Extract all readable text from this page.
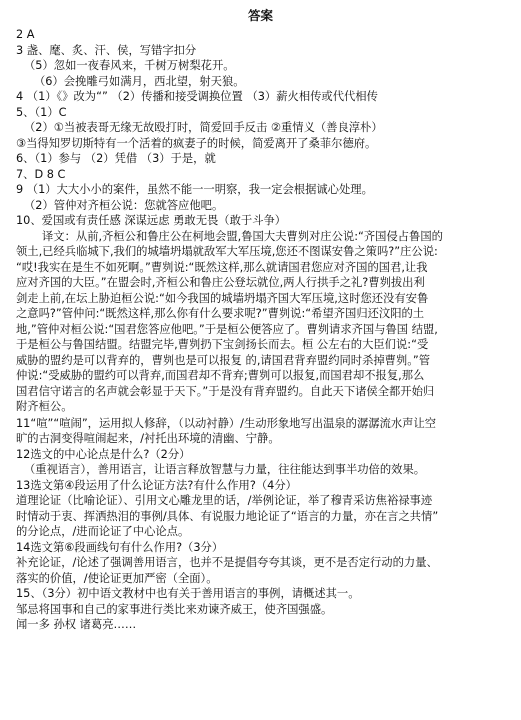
答案
2 A
3 盏、麾、炙、汗、侯，写错字扣分
（5）忽如一夜春风来，千树万树梨花开。
（6）会挽雕弓如满月，西北望，射天狼。
4 （1）《》改为“” （2）传播和接受调换位置 （3）薪火相传或代代相传
5、（1）C
（2）①当被表哥无缘无故殴打时，简爱回手反击 ②重情义（善良淳朴）
③当得知罗切斯特有一个活着的疯妻子的时候，简爱离开了桑菲尔德府。
6、（1）参与 （2）凭借 （3）于是，就
7、D 8 C
9 （1）大大小小的案件，虽然不能一一明察，我一定会根据诚心处理。
（2）管仲对齐桓公说：您就答应他吧。
10、爱国或有责任感 深谋远虑 勇敢无畏（敢于斗争）
译文：从前,齐桓公和鲁庄公在柯地会盟,鲁国大夫曹刿对庄公说:“齐国侵占鲁国的
领土,已经兵临城下,我们的城墙坍塌就敌军大军压境,您还不图谋安鲁之策吗?”庄公说:
“哎!我实在是生不如死啊。”曹刿说:“既然这样,那么就请国君您应对齐国的国君,让我
应对齐国的大臣。”在盟会时,齐桓公和鲁庄公登坛就位,两人行拱手之礼?曹刿拔出利
剑走上前,在坛上胁迫桓公说:“如今我国的城墙坍塌齐国大军压境,这时您还没有安鲁
之意吗?”管仲问:“既然这样,那么你有什么要求呢?”曹刿说:“希望齐国归还汶阳的土
地,”管仲对桓公说:“国君您答应他吧。”于是桓公便答应了。曹刿请求齐国与鲁国 结盟,
于是桓公与鲁国结盟。结盟完毕,曹刿扔下宝剑扬长而去。桓 公左右的大臣们说:“受
威胁的盟约是可以背弃的，曹刿也是可以报复 的,请国君背弃盟约同时杀掉曹刿。”管
仲说:“受威胁的盟约可以背弃,而国君却不背弃;曹刿可以报复,而国君却不报复,那么
国君信守诺言的名声就会彰显于天下。”于是没有背弃盟约。自此天下诸侯全都开始归
附齐桓公。
11“喧”“喧闹”，运用拟人修辞，（以动衬静）/生动形象地写出温泉的潺潺流水声让空
旷的古洞变得喧闹起来，/衬托出环境的清幽、宁静。
12选文的中心论点是什么?（2分）
（重视语言），善用语言，让语言释放智慧与力量，往往能达到事半功倍的效果。
13选文第④段运用了什么论证方法?有什么作用?（4分）
道理论证（比喻论证）、引用文心雕龙里的话，/举例论证，举了穆青采访焦裕禄事迹
时情动于衷、挥洒热泪的事例/具体、有说服力地论证了“语言的力量，亦在言之共情”
的分论点，/进而论证了中心论点。
14选文第⑥段画线句有什么作用?（3分）
补充论证，/论述了强调善用语言，也并不是提倡夸夸其谈，更不是否定行动的力量、
落实的价值，/使论证更加严密（全面）。
15、（3分）初中语文教材中也有关于善用语言的事例，请概述其一。
邹忌将国事和自己的家事进行类比来劝谏齐威王，使齐国强盛。
闻一多 孙权 诸葛亮……
